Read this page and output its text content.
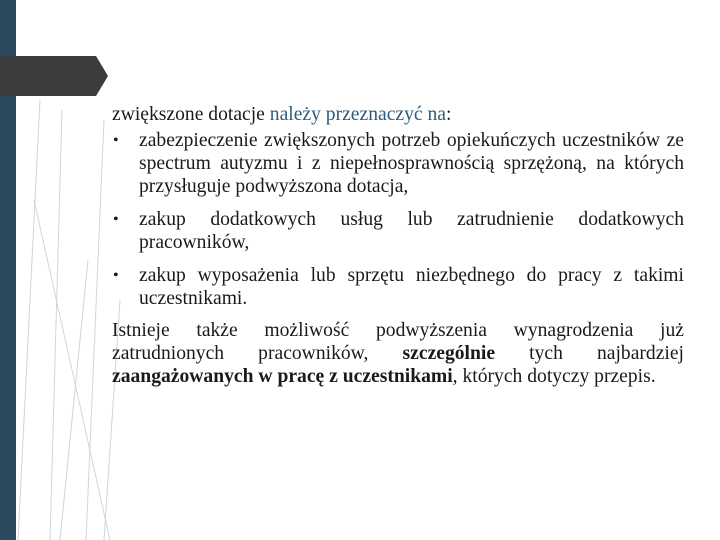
zwiększone dotacje należy przeznaczyć na:

• zabezpieczenie zwiększonych potrzeb opiekuńczych uczestników ze spectrum autyzmu i z niepełnosprawnością sprzężoną, na których przysługuje podwyższona dotacja,
• zakup dodatkowych usług lub zatrudnienie dodatkowych pracowników,
• zakup wyposażenia lub sprzętu niezbędnego do pracy z takimi uczestnikami.

Istnieje także możliwość podwyższenia wynagrodzenia już zatrudnionych pracowników, szczególnie tych najbardziej zaangażowanych w pracę z uczestnikami, których dotyczy przepis.
